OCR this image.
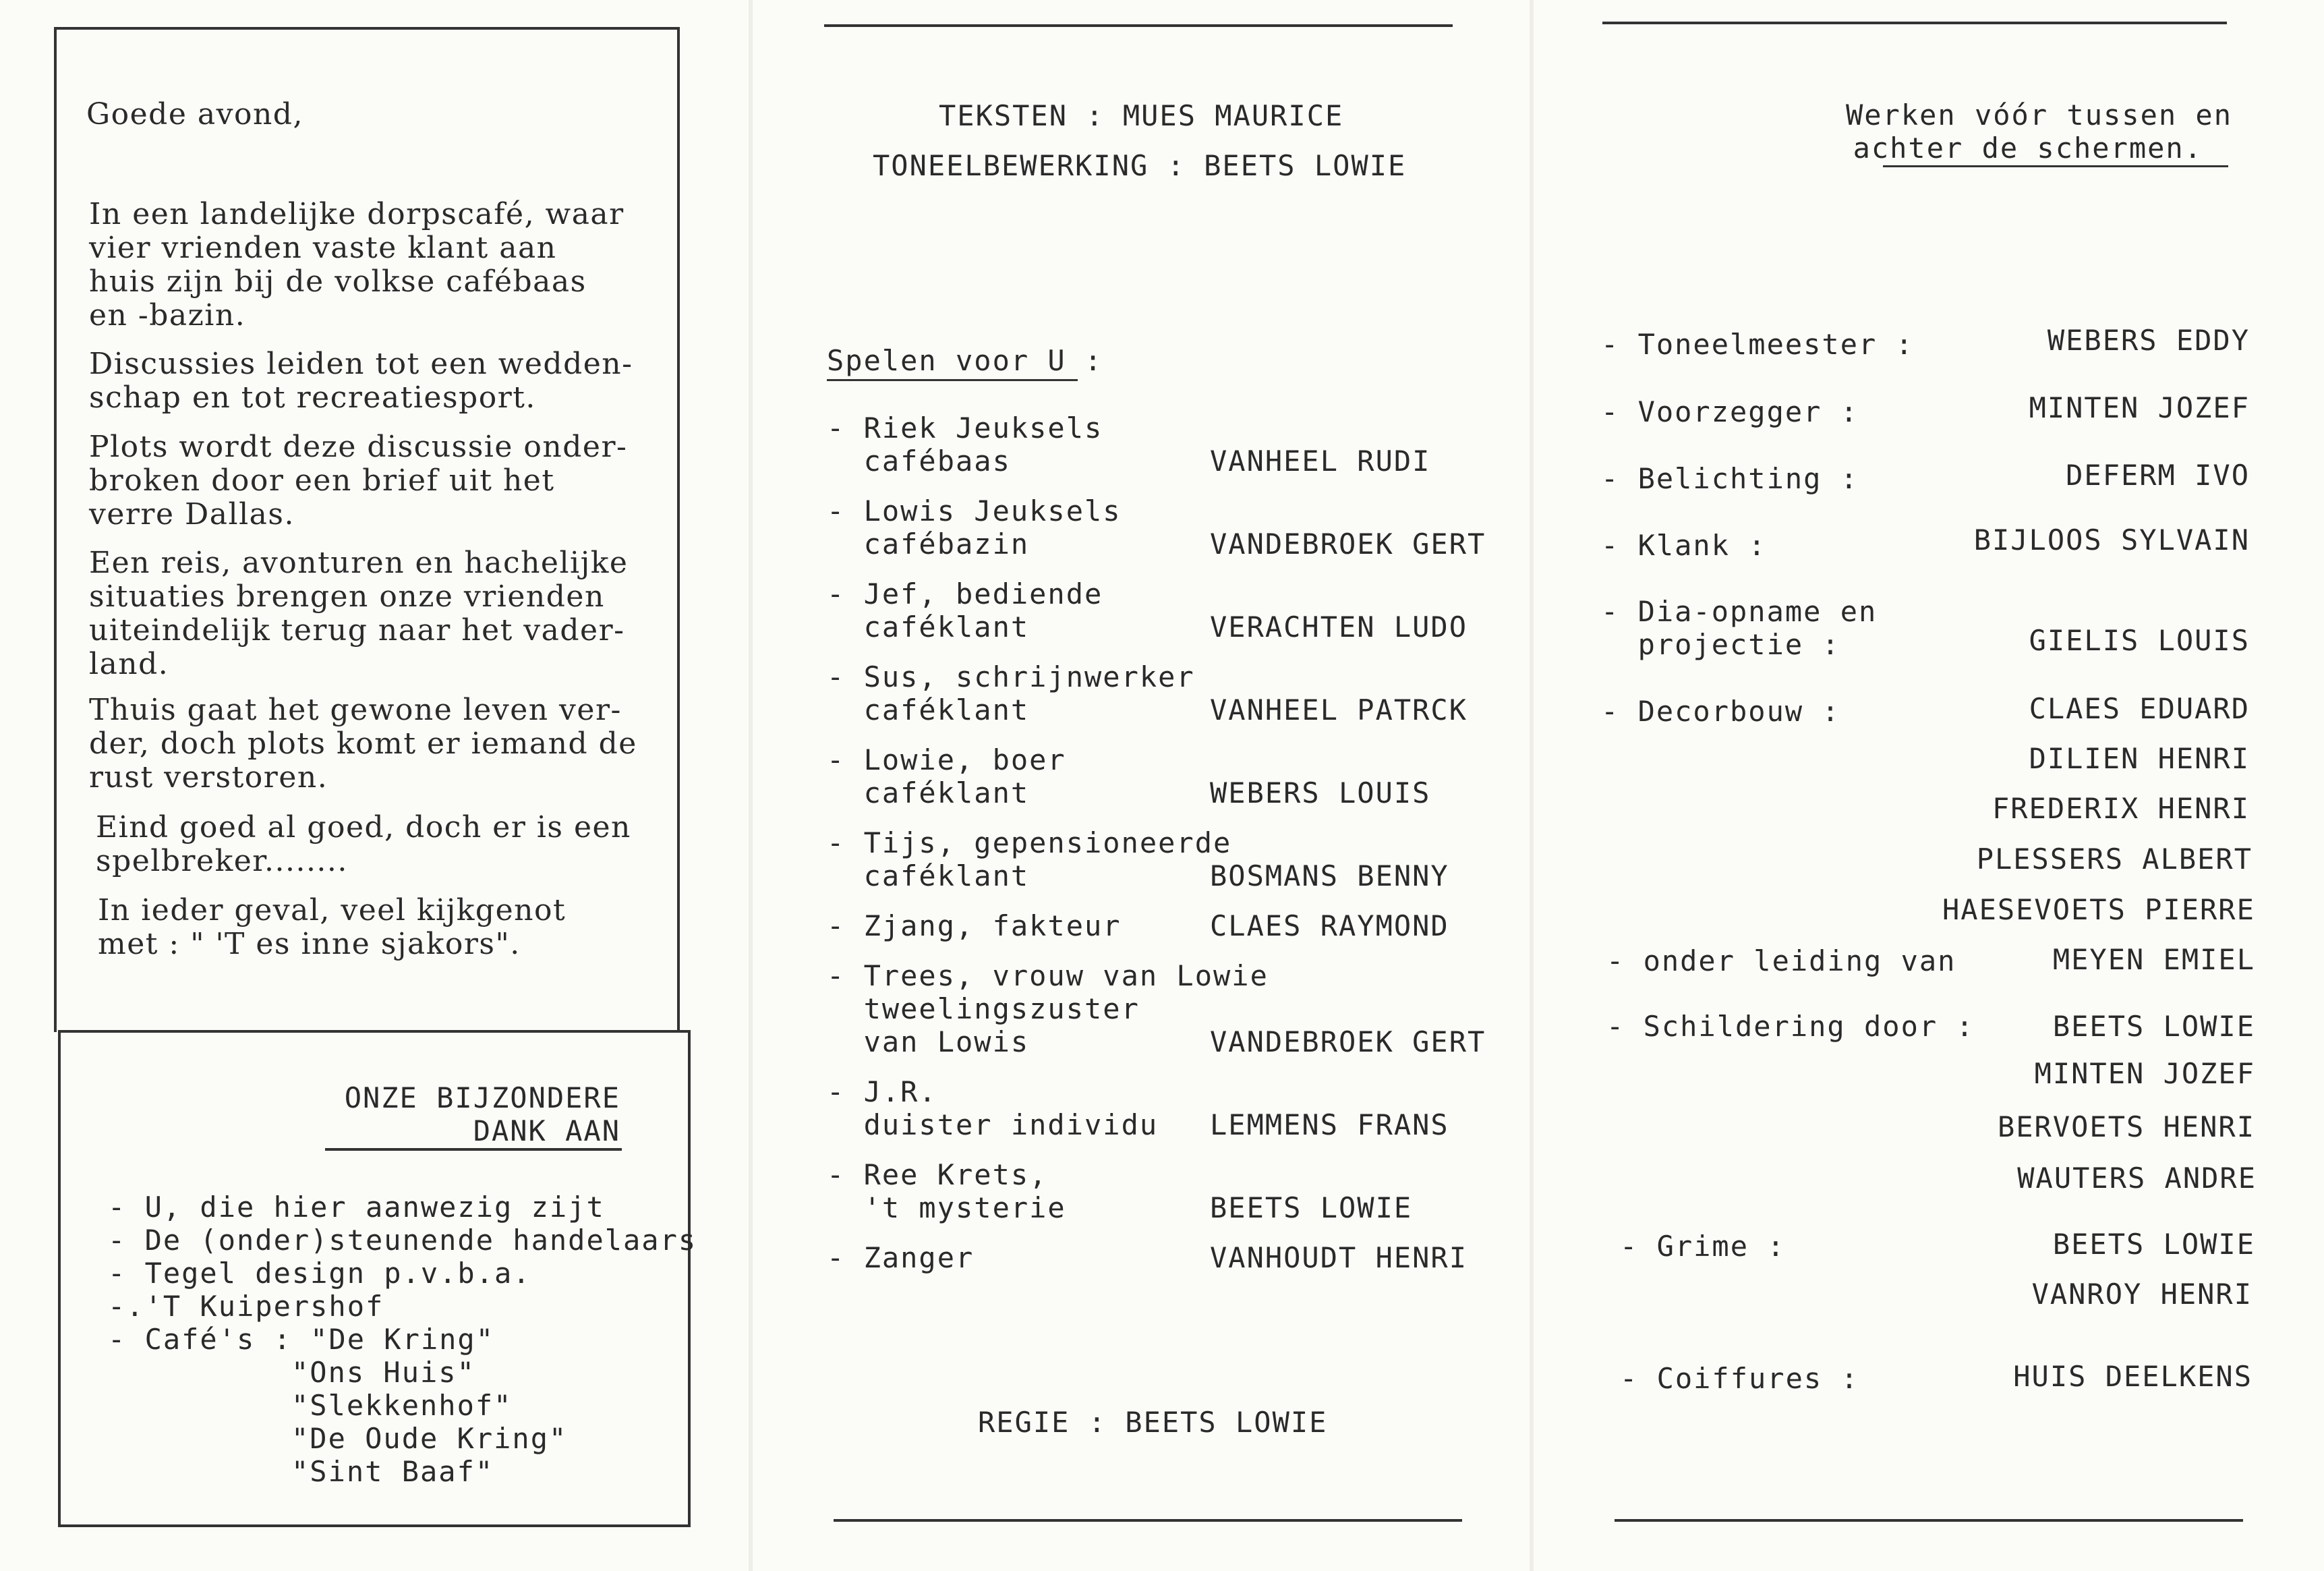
Goede avond,

In een landelijke dorpscafé, waar

vier vrienden vaste klant aan

huis zijn bij de volkse cafébaas

en -bazin.

Discussies leiden tot een wedden-

schap en tot recreatiesport.

Plots wordt deze discussie onder-

broken door een brief uit het

verre Dallas.

Een reis, avonturen en hachelijke

situaties brengen onze vrienden

uiteindelijk terug naar het vader-

land.

Thuis gaat het gewone leven ver-

der, doch plots komt er iemand de

rust verstoren.

Eind goed al goed, doch er is een

spelbreker........

In ieder geval, veel kijkgenot

met : " 'T es inne sjakors".

ONZE BIJZONDERE
DANK AAN
- U, die hier aanwezig zijt
- De (onder)steunende handelaars
- Tegel design p.v.b.a.
-.'T Kuipershof
- Café's : "De Kring"
"Ons Huis"
"Slekkenhof"
"De Oude Kring"
"Sint Baaf"
TEKSTEN : MUES MAURICE
TONEELBEWERKING : BEETS LOWIE
Spelen voor U :
- Riek Jeuksels
cafébaas	VANHEEL RUDI
- Lowis Jeuksels
cafébazin	VANDEBROEK GERT
- Jef, bediende
caféklant	VERACHTEN LUDO
- Sus, schrijnwerker
caféklant	VANHEEL PATRCK
- Lowie, boer
caféklant	WEBERS LOUIS
- Tijs, gepensioneerde
caféklant	BOSMANS BENNY
- Zjang, fakteur	CLAES RAYMOND
- Trees, vrouw van Lowie
tweelingszuster
van Lowis	VANDEBROEK GERT
- J.R.
duister individu LEMMENS FRANS
- Ree Krets,
't mysterie	BEETS LOWIE
- Zanger	VANHOUDT HENRI
REGIE : BEETS LOWIE
Werken vóór tussen en
achter de schermen.
- Toneelmeester :	WEBERS EDDY
- Voorzegger :	MINTEN JOZEF
- Belichting :	DEFERM IVO
- Klank :	BIJLOOS SYLVAIN
- Dia-opname en
projectie :	GIELIS LOUIS
- Decorbouw :	CLAES EDUARD
DILIEN HENRI
FREDERIX HENRI
PLESSERS ALBERT
HAESEVOETS PIERRE
- onder leiding van	MEYEN EMIEL
- Schildering door :	BEETS LOWIE
MINTEN JOZEF
BERVOETS HENRI
WAUTERS ANDRE
- Grime :	BEETS LOWIE
VANROY HENRI
- Coiffures :	HUIS DEELKENS
